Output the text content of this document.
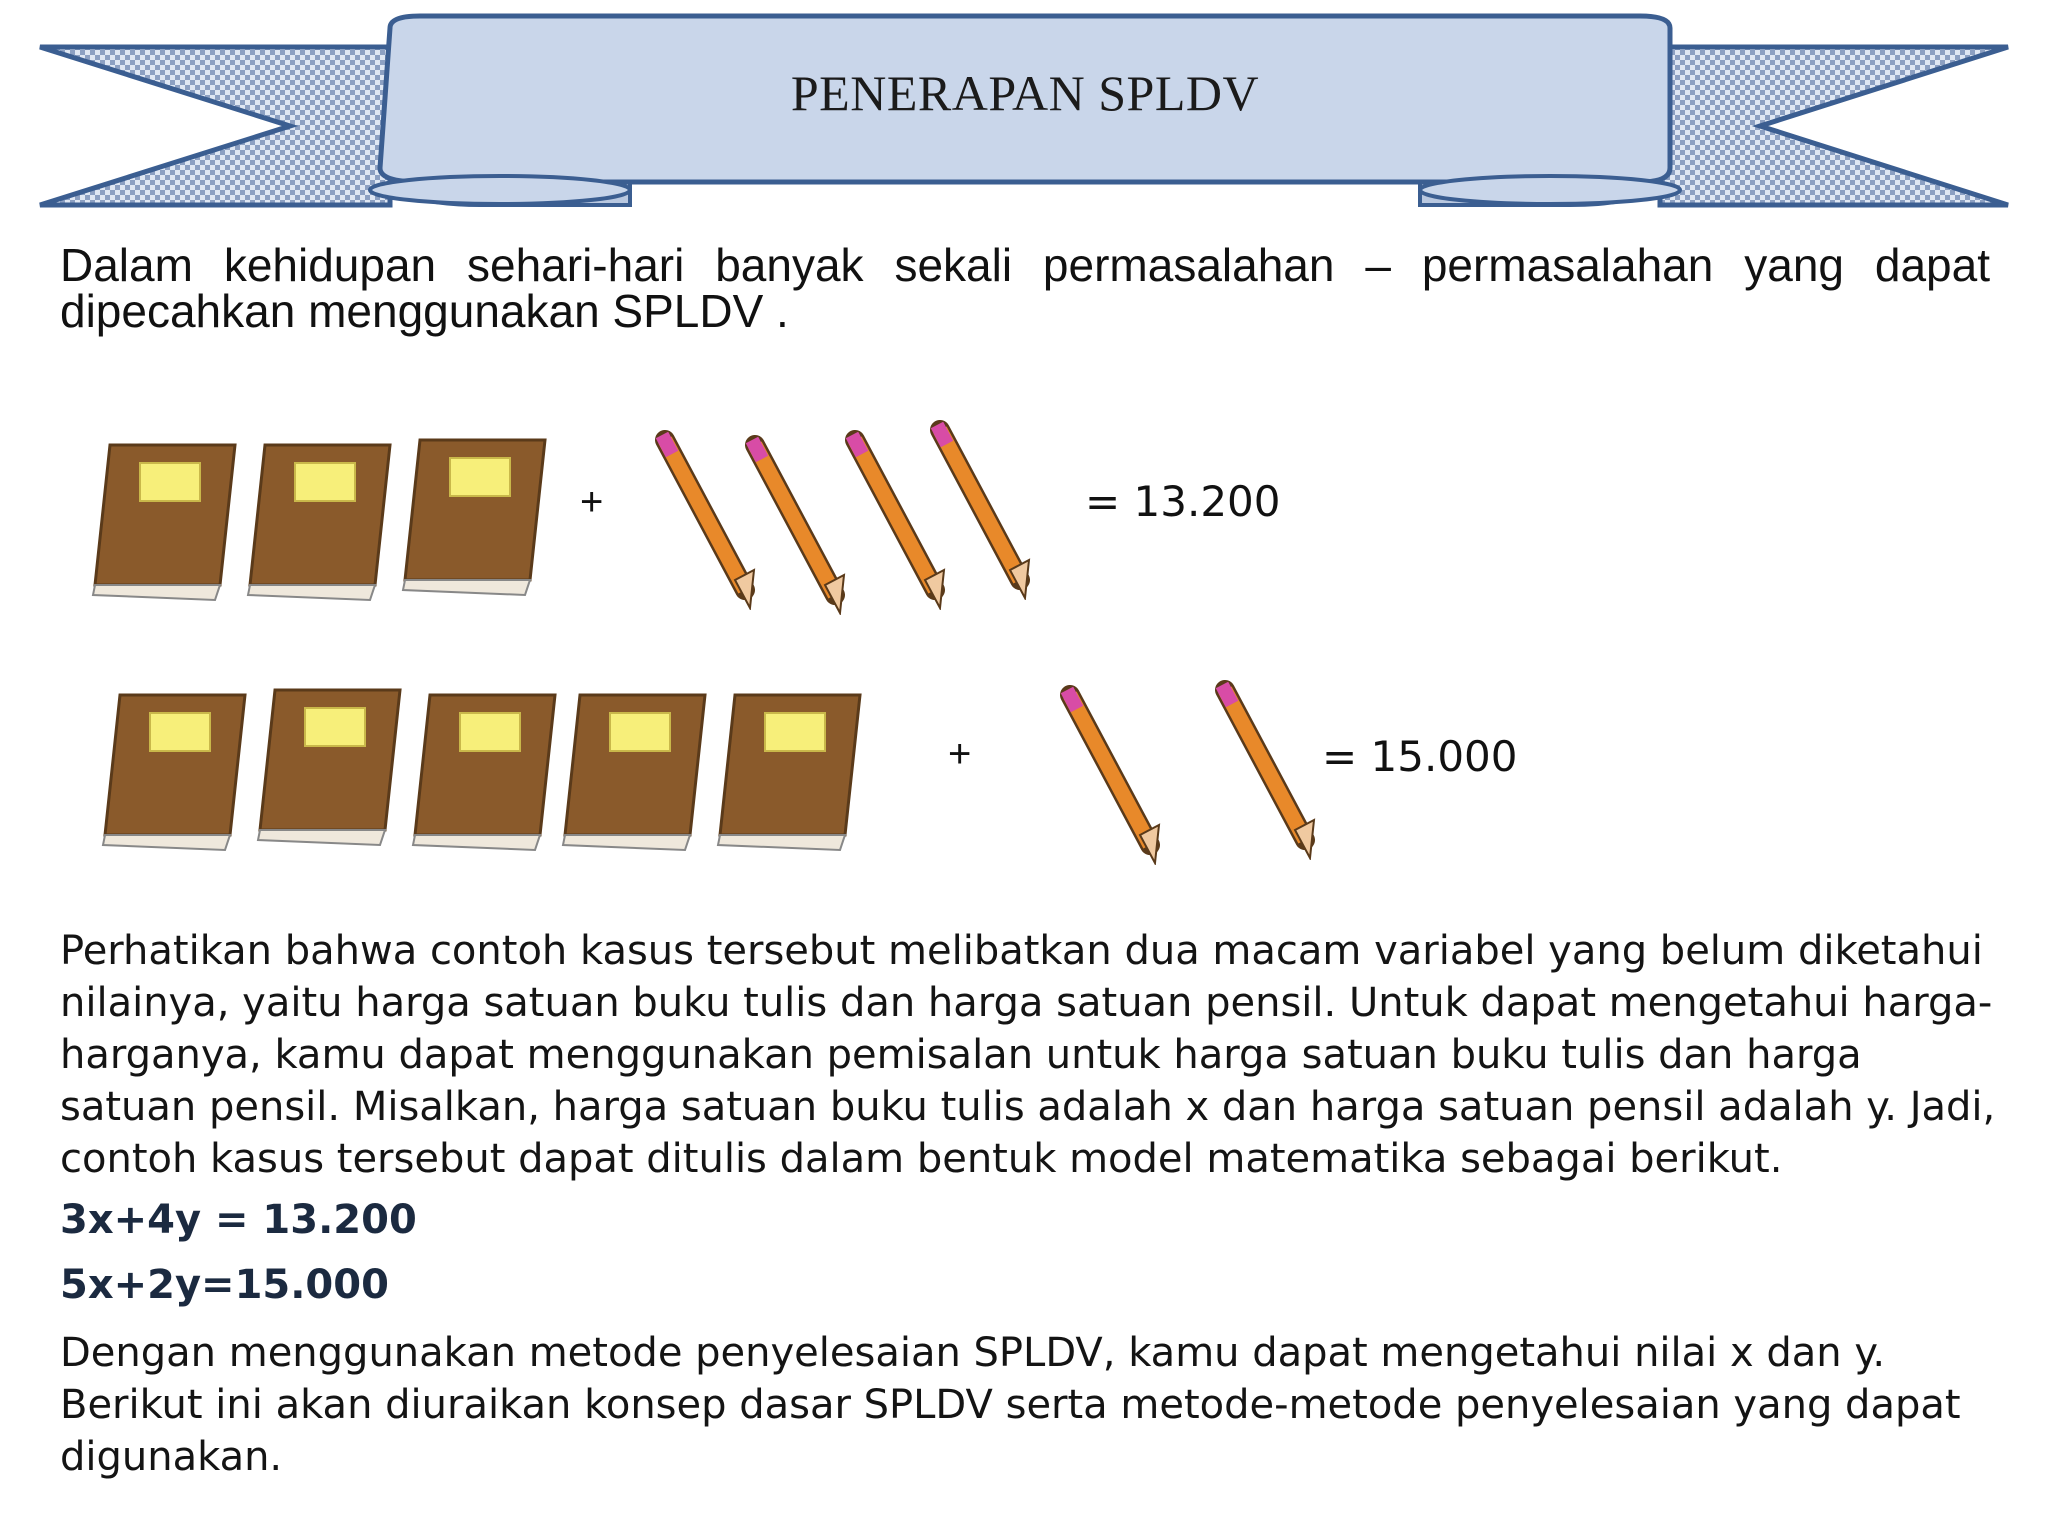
PENERAPAN SPLDV
Dalam kehidupan sehari-hari banyak sekali permasalahan – permasalahan yang dapat dipecahkan menggunakan SPLDV .
+	= 13.200
+	= 15.000
Perhatikan bahwa contoh kasus tersebut melibatkan dua macam variabel yang belum diketahui nilainya, yaitu harga satuan buku tulis dan harga satuan pensil. Untuk dapat mengetahui harga-harganya, kamu dapat menggunakan pemisalan untuk harga satuan buku tulis dan harga satuan pensil. Misalkan, harga satuan buku tulis adalah x dan harga satuan pensil adalah y. Jadi, contoh kasus tersebut dapat ditulis dalam bentuk model matematika sebagai berikut.
3x+4y = 13.200
5x+2y=15.000
Dengan menggunakan metode penyelesaian SPLDV, kamu dapat mengetahui nilai x dan y. Berikut ini akan diuraikan konsep dasar SPLDV serta metode-metode penyelesaian yang dapat digunakan.
